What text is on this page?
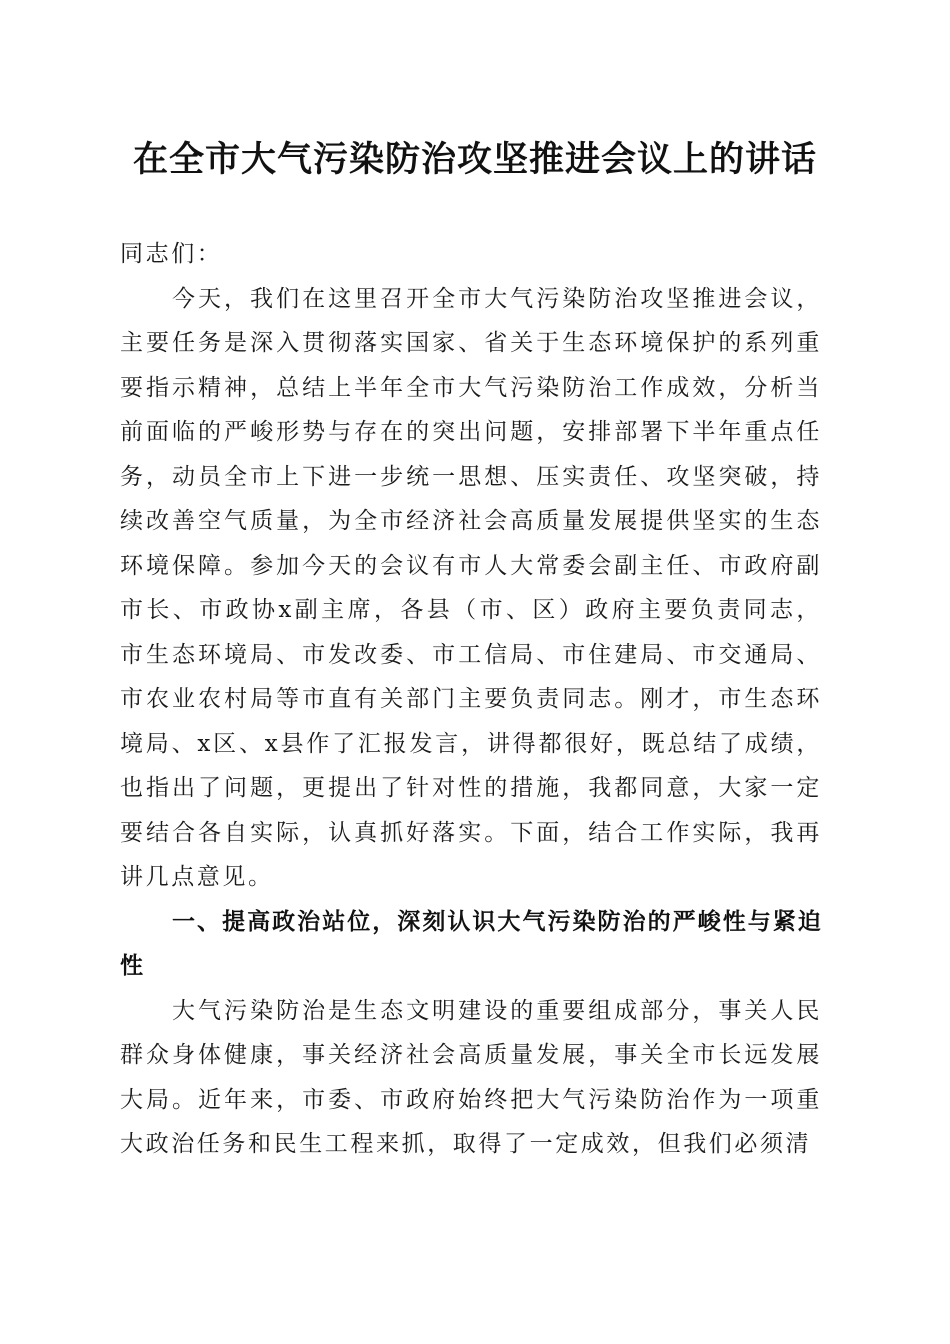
在全市大气污染防治攻坚推进会议上的讲话

同志们：

今天，我们在这里召开全市大气污染防治攻坚推进会议，主要任务是深入贯彻落实国家、省关于生态环境保护的系列重要指示精神，总结上半年全市大气污染防治工作成效，分析当前面临的严峻形势与存在的突出问题，安排部署下半年重点任务，动员全市上下进一步统一思想、压实责任、攻坚突破，持续改善空气质量，为全市经济社会高质量发展提供坚实的生态环境保障。参加今天的会议有市人大常委会副主任、市政府副市长、市政协x副主席，各县（市、区）政府主要负责同志，市生态环境局、市发改委、市工信局、市住建局、市交通局、市农业农村局等市直有关部门主要负责同志。刚才，市生态环境局、x区、x县作了汇报发言，讲得都很好，既总结了成绩，也指出了问题，更提出了针对性的措施，我都同意，大家一定要结合各自实际，认真抓好落实。下面，结合工作实际，我再讲几点意见。

一、提高政治站位，深刻认识大气污染防治的严峻性与紧迫性

大气污染防治是生态文明建设的重要组成部分，事关人民群众身体健康，事关经济社会高质量发展，事关全市长远发展大局。近年来，市委、市政府始终把大气污染防治作为一项重大政治任务和民生工程来抓，取得了一定成效，但我们必须清
